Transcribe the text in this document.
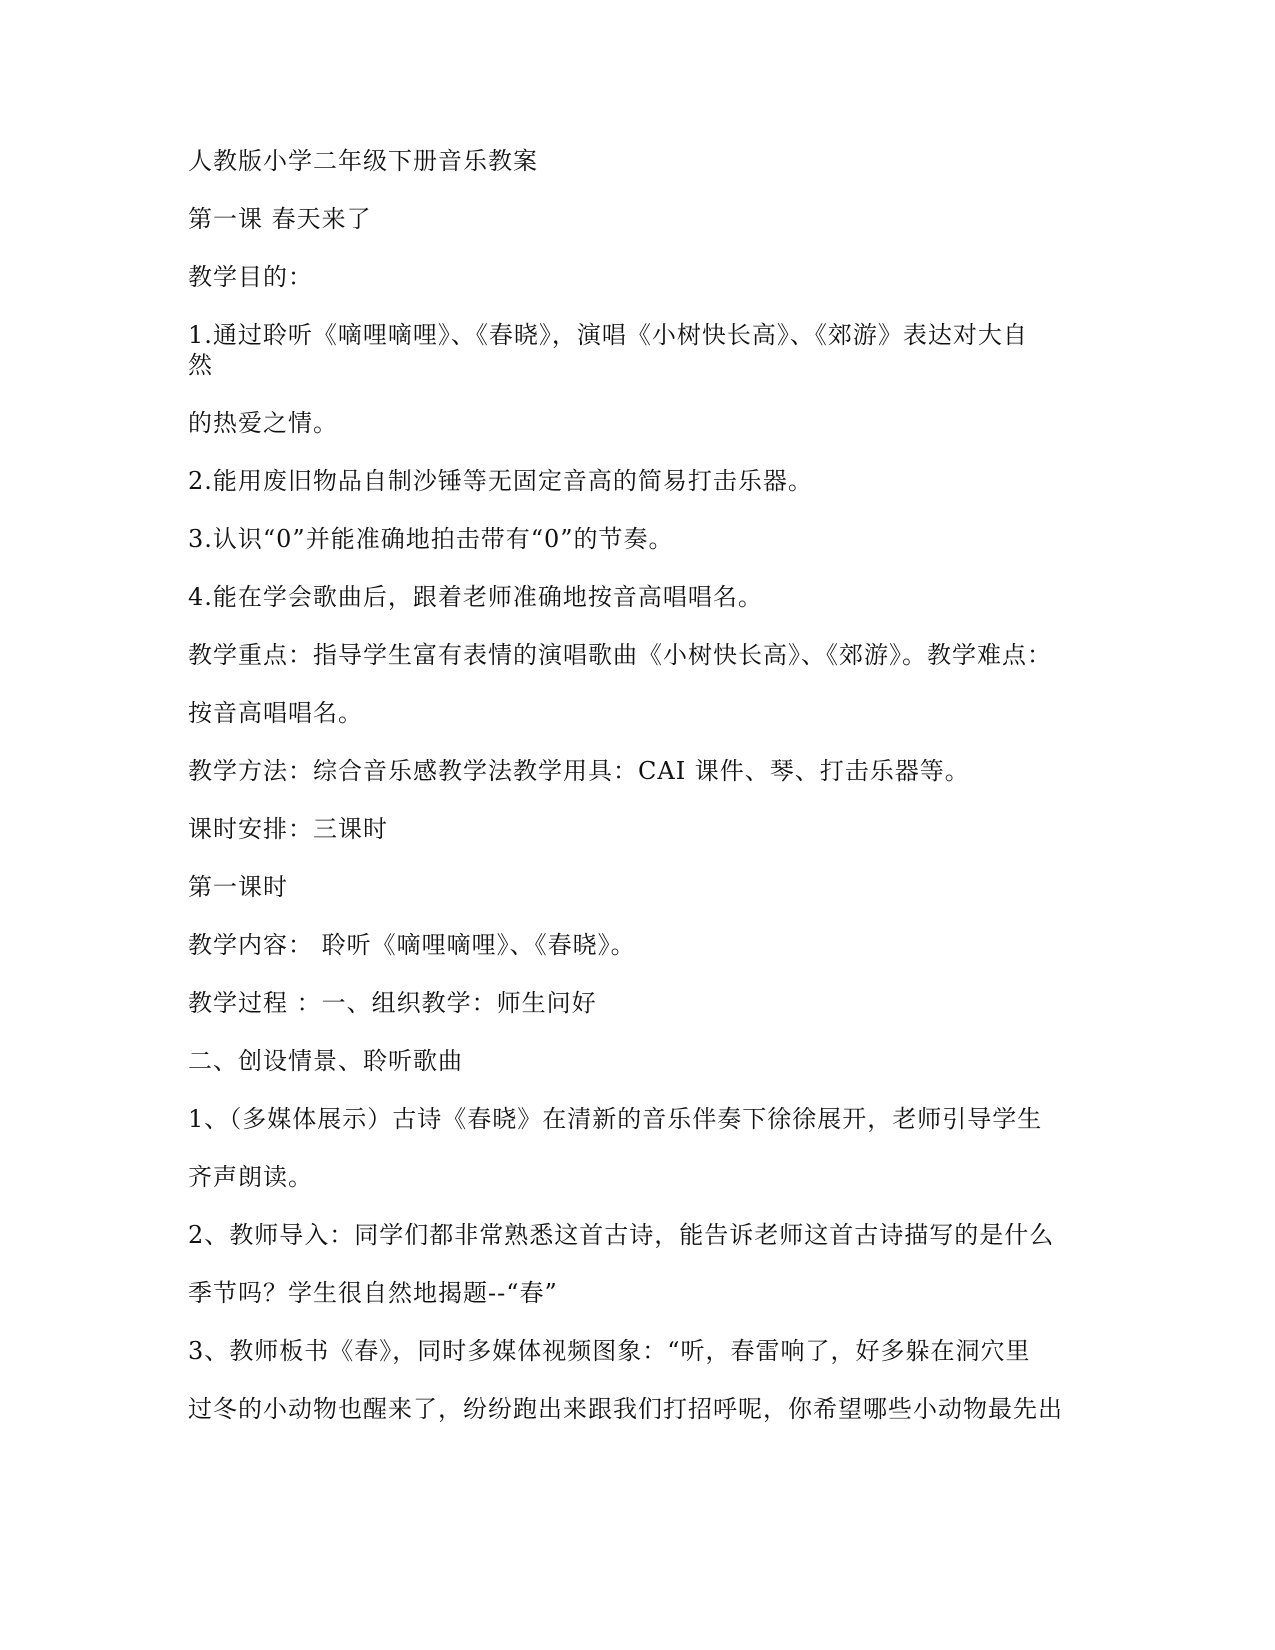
人教版小学二年级下册音乐教案
第一课 春天来了
教学目的：
1.通过聆听《嘀哩嘀哩》、《春晓》，演唱《小树快长高》、《郊游》表达对大自
然
的热爱之情。
2.能用废旧物品自制沙锤等无固定音高的简易打击乐器。
3.认识“0”并能准确地拍击带有“0”的节奏。
4.能在学会歌曲后，跟着老师准确地按音高唱唱名。
教学重点：指导学生富有表情的演唱歌曲《小树快长高》、《郊游》。教学难点：
按音高唱唱名。
教学方法：综合音乐感教学法教学用具：CAI 课件、琴、打击乐器等。
课时安排：三课时
第一课时
教学内容： 聆听《嘀哩嘀哩》、《春晓》。
教学过程 ：一、组织教学：师生问好
二、创设情景、聆听歌曲
1、（多媒体展示）古诗《春晓》在清新的音乐伴奏下徐徐展开，老师引导学生
齐声朗读。
2、教师导入：同学们都非常熟悉这首古诗，能告诉老师这首古诗描写的是什么
季节吗？学生很自然地揭题--“春”
3、教师板书《春》，同时多媒体视频图象：“听，春雷响了，好多躲在洞穴里
过冬的小动物也醒来了，纷纷跑出来跟我们打招呼呢，你希望哪些小动物最先出
